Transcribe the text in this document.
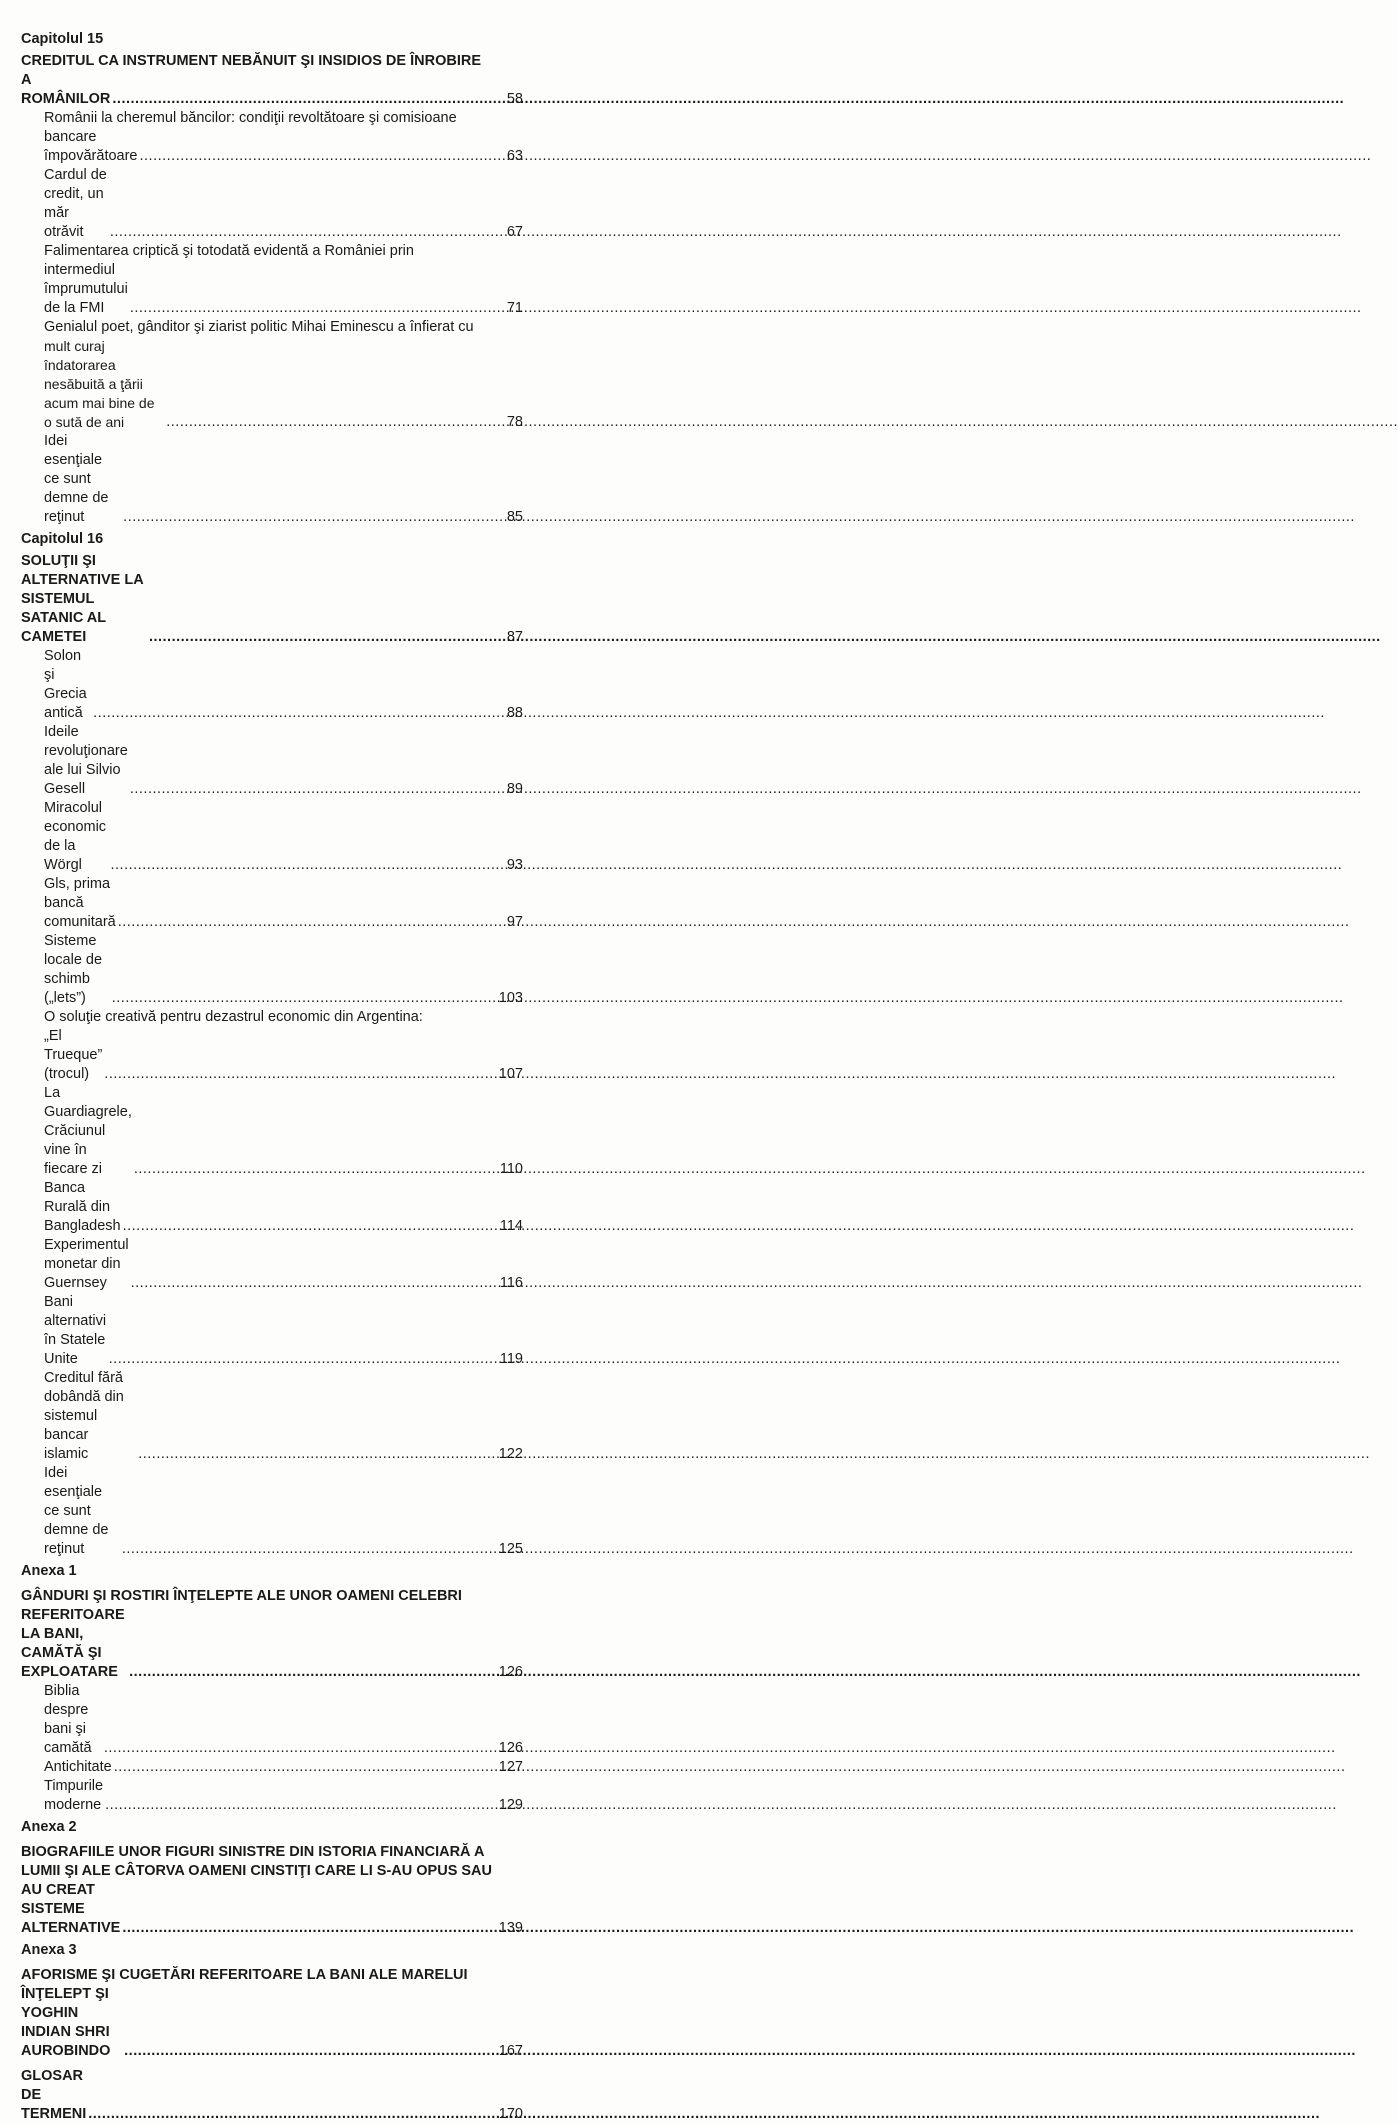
Capitolul 15
CREDITUL CA INSTRUMENT NEBĂNUIT ŞI INSIDIOS DE ÎNROBIRE
A ROMÂNILOR .....	58
Românii la cheremul băncilor: condiţii revoltătoare şi comisioane
bancare împovărătoare .....	63
Cardul de credit, un măr otrăvit .....	67
Falimentarea criptică şi totodată evidentă a României prin
intermediul împrumutului de la FMI .....	71
Genialul poet, gânditor şi ziarist politic Mihai Eminescu a înfierat cu
mult curaj îndatorarea nesăbuită a ţării acum mai bine de o sută de ani .....	78
Idei esenţiale ce sunt demne de reţinut .....	85
Capitolul 16
SOLUŢII ŞI ALTERNATIVE LA SISTEMUL SATANIC AL CAMETEI .....	87
Solon şi Grecia antică .....	88
Ideile revoluţionare ale lui Silvio Gesell .....	89
Miracolul economic de la Wörgl .....	93
Gls, prima bancă comunitară .....	97
Sisteme locale de schimb („lets”) .....	103
O soluţie creativă pentru dezastrul economic din Argentina:
„El Trueque” (trocul) .....	107
La Guardiagrele, Crăciunul vine în fiecare zi .....	110
Banca Rurală din Bangladesh .....	114
Experimentul monetar din Guernsey .....	116
Bani alternativi în Statele Unite .....	119
Creditul fără dobândă din sistemul bancar islamic .....	122
Idei esenţiale ce sunt demne de reţinut .....	125
Anexa 1
GÂNDURI ŞI ROSTIRI ÎNŢELEPTE ALE UNOR OAMENI CELEBRI
REFERITOARE LA BANI, CAMĂTĂ ŞI EXPLOATARE .....	126
Biblia despre bani şi camătă .....	126
Antichitate .....	127
Timpurile moderne .....	129
Anexa 2
BIOGRAFIILE UNOR FIGURI SINISTRE DIN ISTORIA FINANCIARĂ A
LUMII ŞI ALE CÂTORVA OAMENI CINSTIŢI CARE LI S-AU OPUS SAU
AU CREAT SISTEME ALTERNATIVE .....	139
Anexa 3
AFORISME ŞI CUGETĂRI REFERITOARE LA BANI ALE MARELUI
ÎNŢELEPT ŞI YOGHIN INDIAN SHRI AUROBINDO .....	167
GLOSAR DE TERMENI .....	170
